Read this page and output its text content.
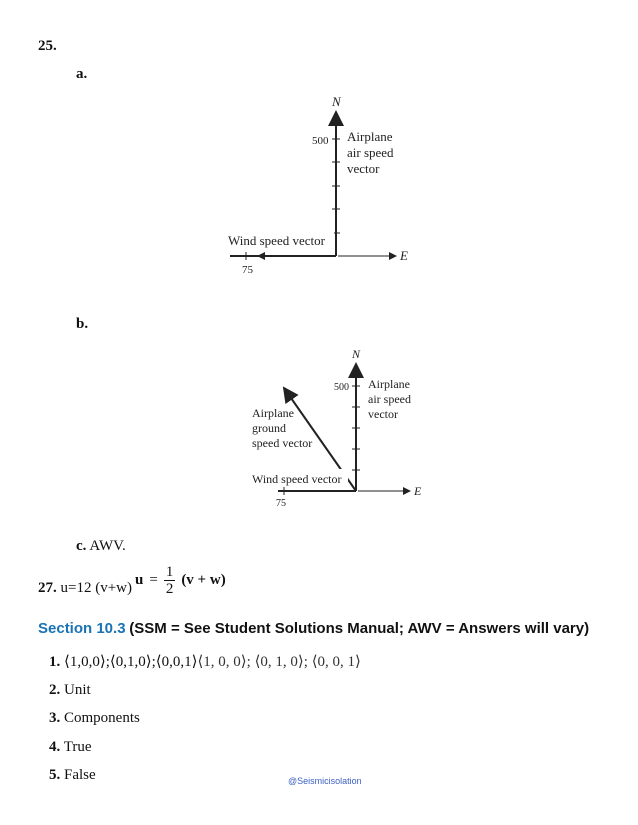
25.
a.
Wind speed vector
75
500
N
E
Airplane
air speed
vector
b.
Wind speed vector
75
500
N
E
Airplane
air speed
vector
Airplane
ground
speed vector
c. AWV.
27. u=12 (v+w)
$u = \frac{1}{2} (v + w)$
Section 10.3 (SSM = See Student Solutions Manual; AWV = Answers will vary)
1. ⟨1,0,0⟩;⟨0,1,0⟩;⟨0,0,1⟩⟨1, 0, 0⟩; ⟨0, 1, 0⟩; ⟨0, 0, 1⟩
2. Unit
3. Components
4. True
5. False	@Seismicisolation
